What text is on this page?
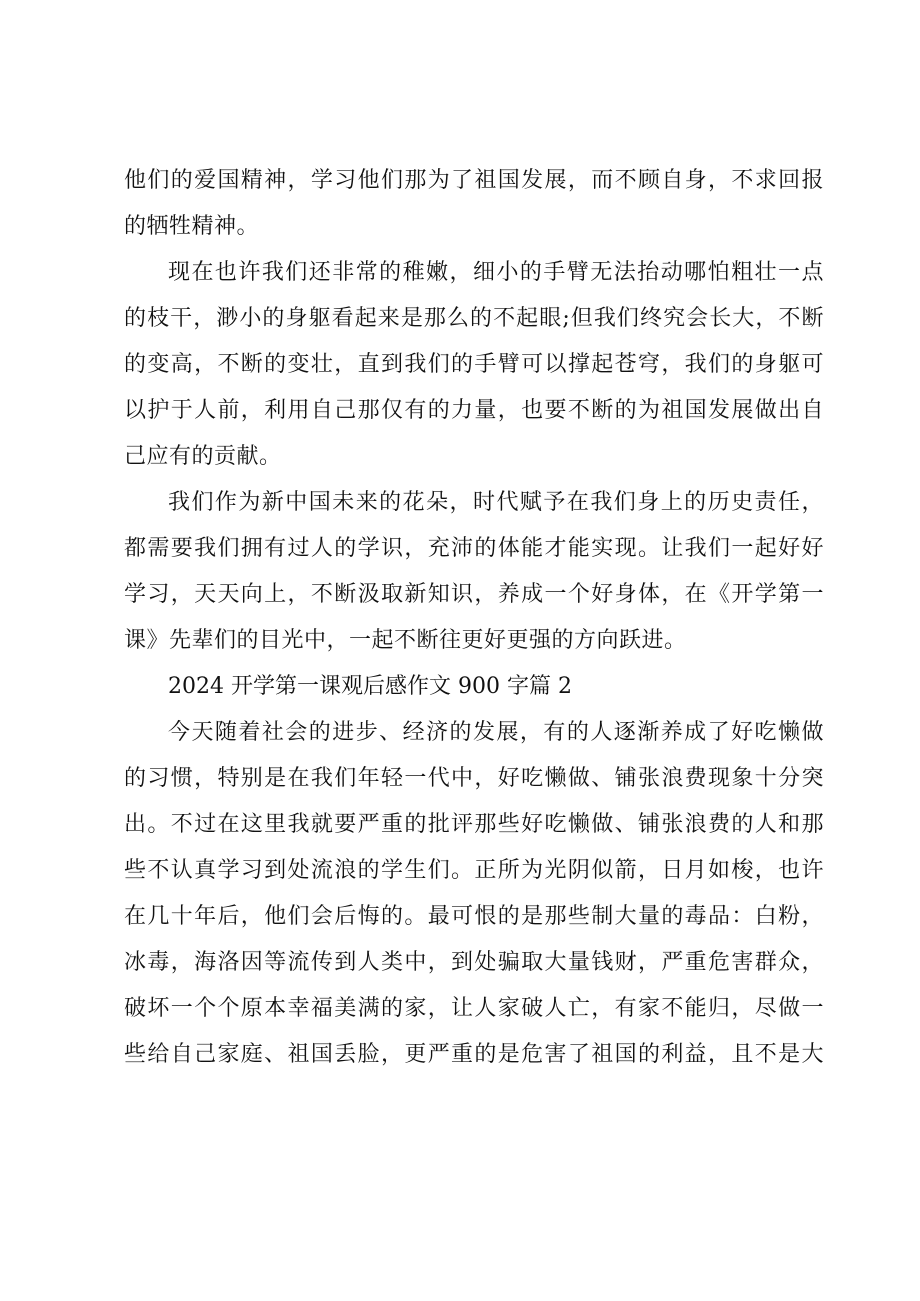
他们的爱国精神，学习他们那为了祖国发展，而不顾自身，不求回报
的牺牲精神。
现在也许我们还非常的稚嫩，细小的手臂无法抬动哪怕粗壮一点
的枝干，渺小的身躯看起来是那么的不起眼;但我们终究会长大，不断
的变高，不断的变壮，直到我们的手臂可以撑起苍穹，我们的身躯可
以护于人前，利用自己那仅有的力量，也要不断的为祖国发展做出自
己应有的贡献。
我们作为新中国未来的花朵，时代赋予在我们身上的历史责任，
都需要我们拥有过人的学识，充沛的体能才能实现。让我们一起好好
学习，天天向上，不断汲取新知识，养成一个好身体，在《开学第一
课》先辈们的目光中，一起不断往更好更强的方向跃进。
2024 开学第一课观后感作文 900 字篇 2
今天随着社会的进步、经济的发展，有的人逐渐养成了好吃懒做
的习惯，特别是在我们年轻一代中，好吃懒做、铺张浪费现象十分突
出。不过在这里我就要严重的批评那些好吃懒做、铺张浪费的人和那
些不认真学习到处流浪的学生们。正所为光阴似箭，日月如梭，也许
在几十年后，他们会后悔的。最可恨的是那些制大量的毒品：白粉，
冰毒，海洛因等流传到人类中，到处骗取大量钱财，严重危害群众，
破坏一个个原本幸福美满的家，让人家破人亡，有家不能归，尽做一
些给自己家庭、祖国丢脸，更严重的是危害了祖国的利益，且不是大
